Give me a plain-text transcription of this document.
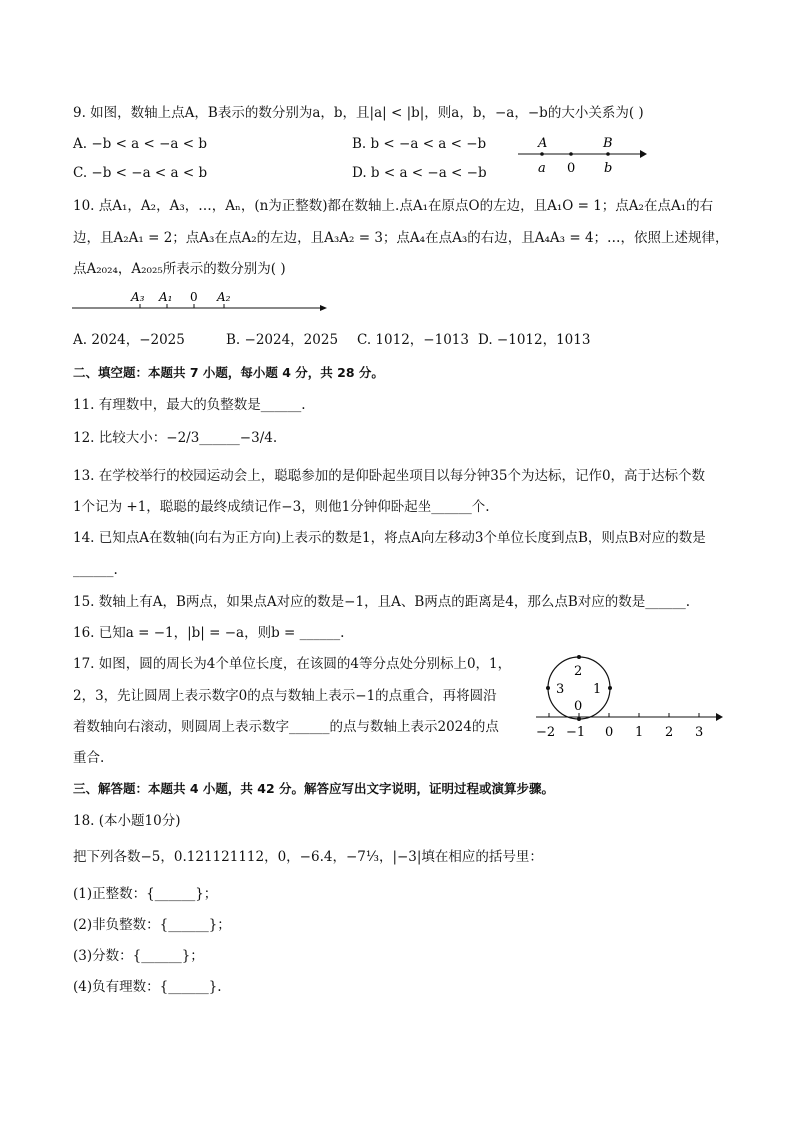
9. 如图，数轴上点A，B表示的数分别为a，b，且|a| < |b|，则a，b，−a，−b的大小关系为( )
A. −b < a < −a < b	B. b < −a < a < −b
C. −b < −a < a < b	D. b < a < −a < −b
A	B
a 0 b
10. 点A₁，A₂，A₃，…，Aₙ，(n为正整数)都在数轴上.点A₁在原点O的左边，且A₁O = 1；点A₂在点A₁的右
边，且A₂A₁ = 2；点A₃在点A₂的左边，且A₃A₂ = 3；点A₄在点A₃的右边，且A₄A₃ = 4；…，依照上述规律，
点A₂₀₂₄，A₂₀₂₅所表示的数分别为( )
A₃ A₁ 0 A₂
A. 2024，−2025	B. −2024，2025 C. 1012，−1013 D. −1012，1013
二、填空题：本题共 7 小题，每小题 4 分，共 28 分。
11. 有理数中，最大的负整数是______.
12. 比较大小：−2/3______−3/4.
13. 在学校举行的校园运动会上，聪聪参加的是仰卧起坐项目以每分钟35个为达标，记作0，高于达标个数
1个记为 +1，聪聪的最终成绩记作−3，则他1分钟仰卧起坐______个.
14. 已知点A在数轴(向右为正方向)上表示的数是1，将点A向左移动3个单位长度到点B，则点B对应的数是
______.
15. 数轴上有A，B两点，如果点A对应的数是−1，且A、B两点的距离是4，那么点B对应的数是______.
16. 已知a = −1，|b| = −a，则b = ______.
17. 如图，圆的周长为4个单位长度，在该圆的4等分点处分别标上0，1，
2，3，先让圆周上表示数字0的点与数轴上表示−1的点重合，再将圆沿
着数轴向右滚动，则圆周上表示数字______的点与数轴上表示2024的点
重合.
2
3 1
0
−2 −1 0 1 2 3
三、解答题：本题共 4 小题，共 42 分。解答应写出文字说明，证明过程或演算步骤。
18. (本小题10分)
把下列各数−5，0.121121112，0，−6.4，−7⅓，|−3|填在相应的括号里：
(1)正整数：{______}；
(2)非负整数：{______}；
(3)分数：{______}；
(4)负有理数：{______}.
